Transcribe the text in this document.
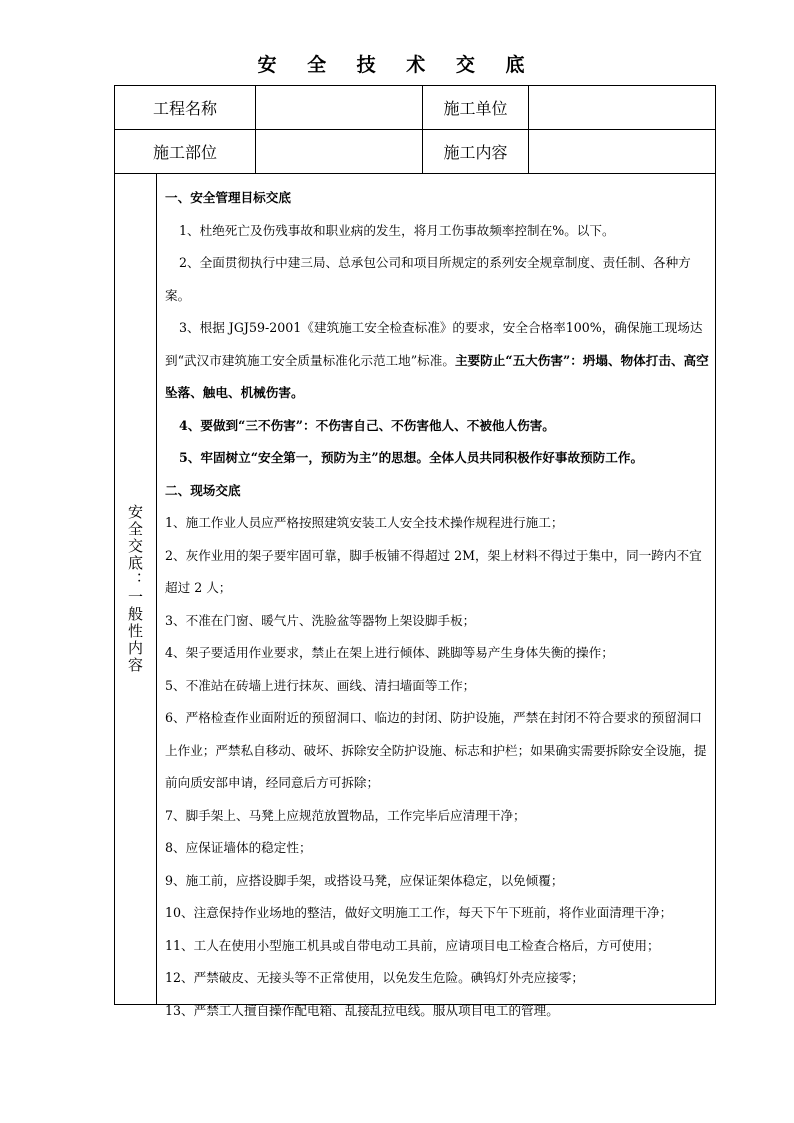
安 全 技 术 交 底
工程名称	施工单位
施工部位	施工内容
安全交底：一般性内容

一、安全管理目标交底

1、杜绝死亡及伤残事故和职业病的发生，将月工伤事故频率控制在%。以下。

2、全面贯彻执行中建三局、总承包公司和项目所规定的系列安全规章制度、责任制、各种方案。

3、根据 JGJ59-2001《建筑施工安全检查标准》的要求，安全合格率100%，确保施工现场达到“武汉市建筑施工安全质量标准化示范工地”标准。主要防止“五大伤害”：坍塌、物体打击、高空坠落、触电、机械伤害。

4、要做到“三不伤害”：不伤害自己、不伤害他人、不被他人伤害。

5、牢固树立“安全第一，预防为主”的思想。全体人员共同积极作好事故预防工作。

二、现场交底

1、施工作业人员应严格按照建筑安装工人安全技术操作规程进行施工；

2、灰作业用的架子要牢固可靠，脚手板铺不得超过 2M，架上材料不得过于集中，同一跨内不宜超过 2 人；

3、不准在门窗、暖气片、洗脸盆等器物上架设脚手板；

4、架子要适用作业要求，禁止在架上进行倾体、跳脚等易产生身体失衡的操作；

5、不准站在砖墙上进行抹灰、画线、清扫墙面等工作；

6、严格检查作业面附近的预留洞口、临边的封闭、防护设施，严禁在封闭不符合要求的预留洞口上作业；严禁私自移动、破坏、拆除安全防护设施、标志和护栏；如果确实需要拆除安全设施，提前向质安部申请，经同意后方可拆除；

7、脚手架上、马凳上应规范放置物品，工作完毕后应清理干净；

8、应保证墙体的稳定性；

9、施工前，应搭设脚手架，或搭设马凳，应保证架体稳定，以免倾覆；

10、注意保持作业场地的整洁，做好文明施工工作，每天下午下班前，将作业面清理干净；

11、工人在使用小型施工机具或自带电动工具前，应请项目电工检查合格后，方可使用；

12、严禁破皮、无接头等不正常使用，以免发生危险。碘钨灯外壳应接零；

13、严禁工人擅自操作配电箱、乱接乱拉电线。服从项目电工的管理。
